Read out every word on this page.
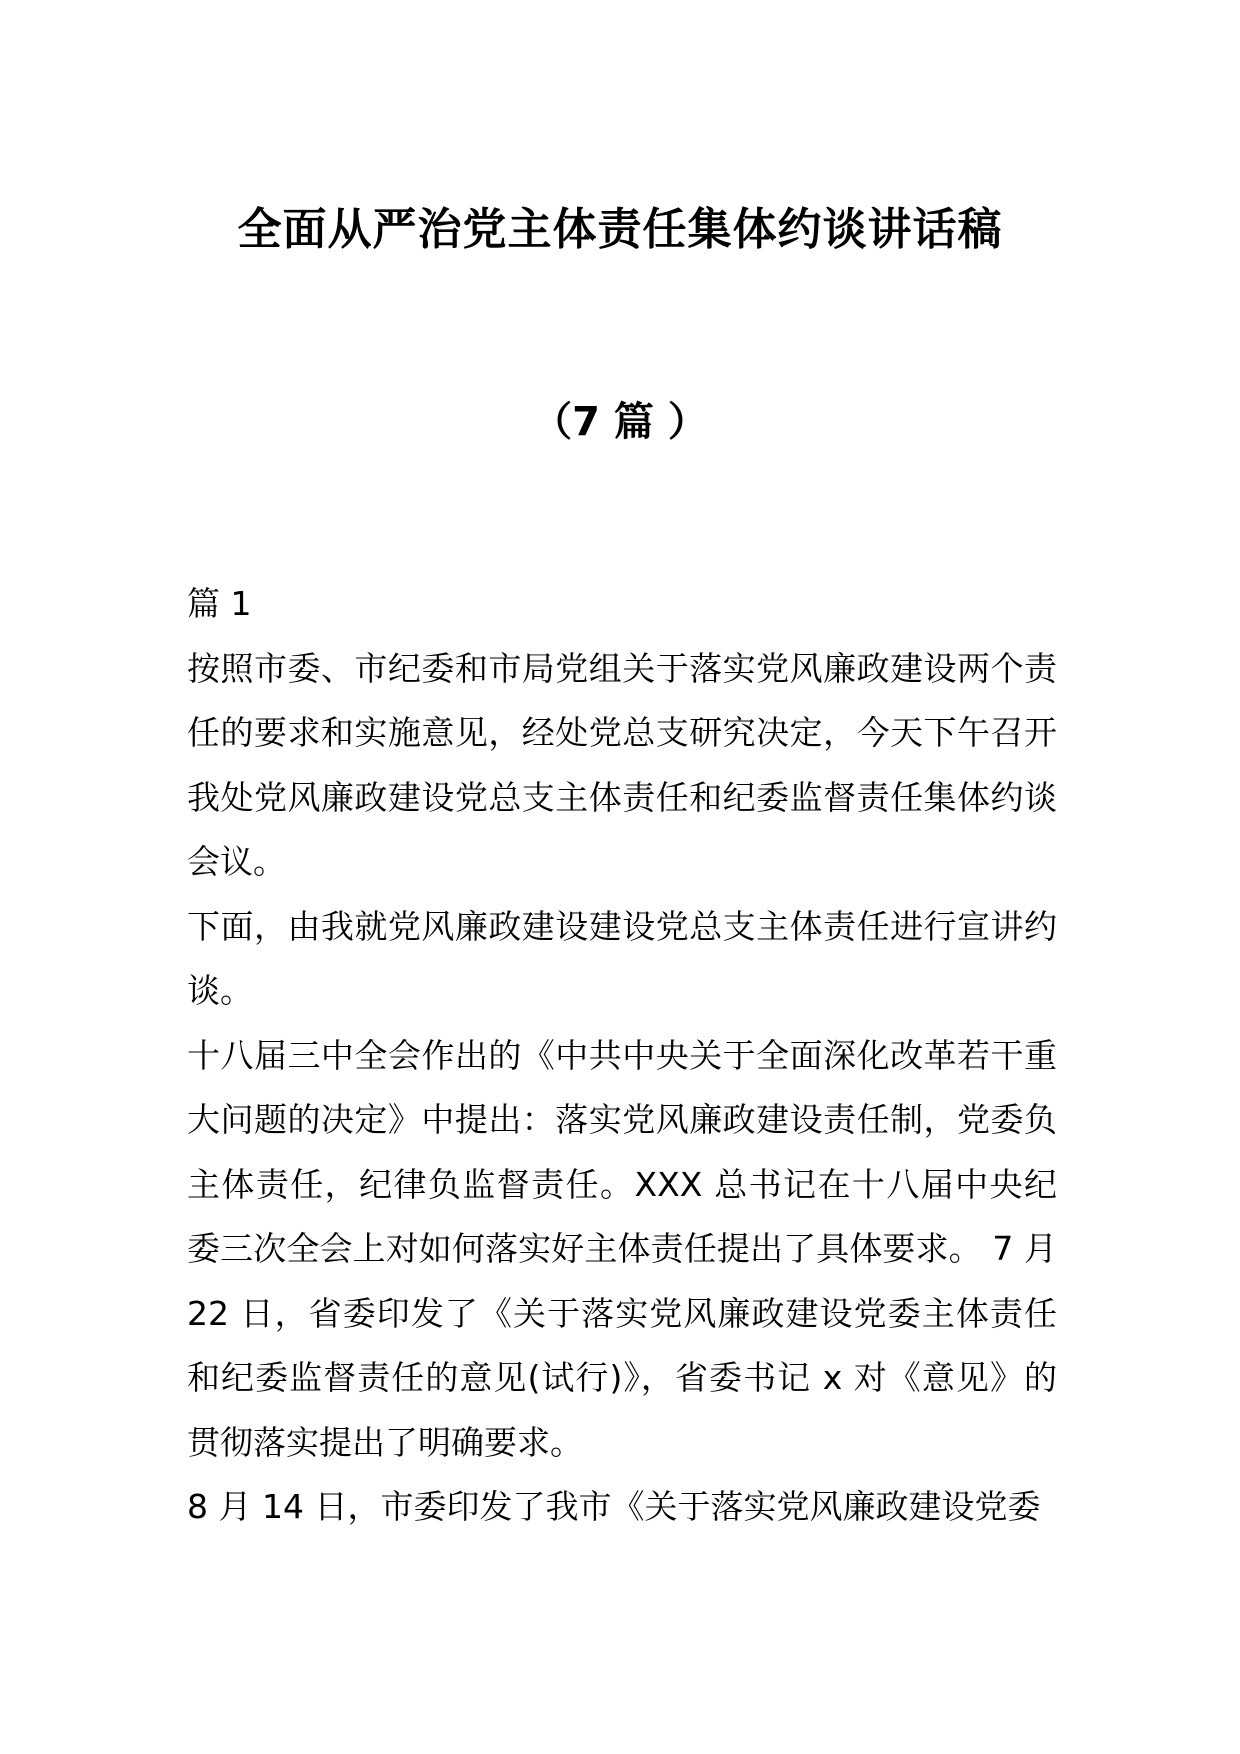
全面从严治党主体责任集体约谈讲话稿
（7 篇 ）

篇 1

按照市委、市纪委和市局党组关于落实党风廉政建设两个责任的要求和实施意见，经处党总支研究决定，今天下午召开我处党风廉政建设党总支主体责任和纪委监督责任集体约谈会议。

下面，由我就党风廉政建设建设党总支主体责任进行宣讲约谈。

十八届三中全会作出的《中共中央关于全面深化改革若干重大问题的决定》中提出：落实党风廉政建设责任制，党委负主体责任，纪律负监督责任。XXX 总书记在十八届中央纪委三次全会上对如何落实好主体责任提出了具体要求。 7 月 22 日，省委印发了《关于落实党风廉政建设党委主体责任和纪委监督责任的意见(试行)》，省委书记 x 对《意见》的贯彻落实提出了明确要求。

8 月 14 日，市委印发了我市《关于落实党风廉政建设党委
